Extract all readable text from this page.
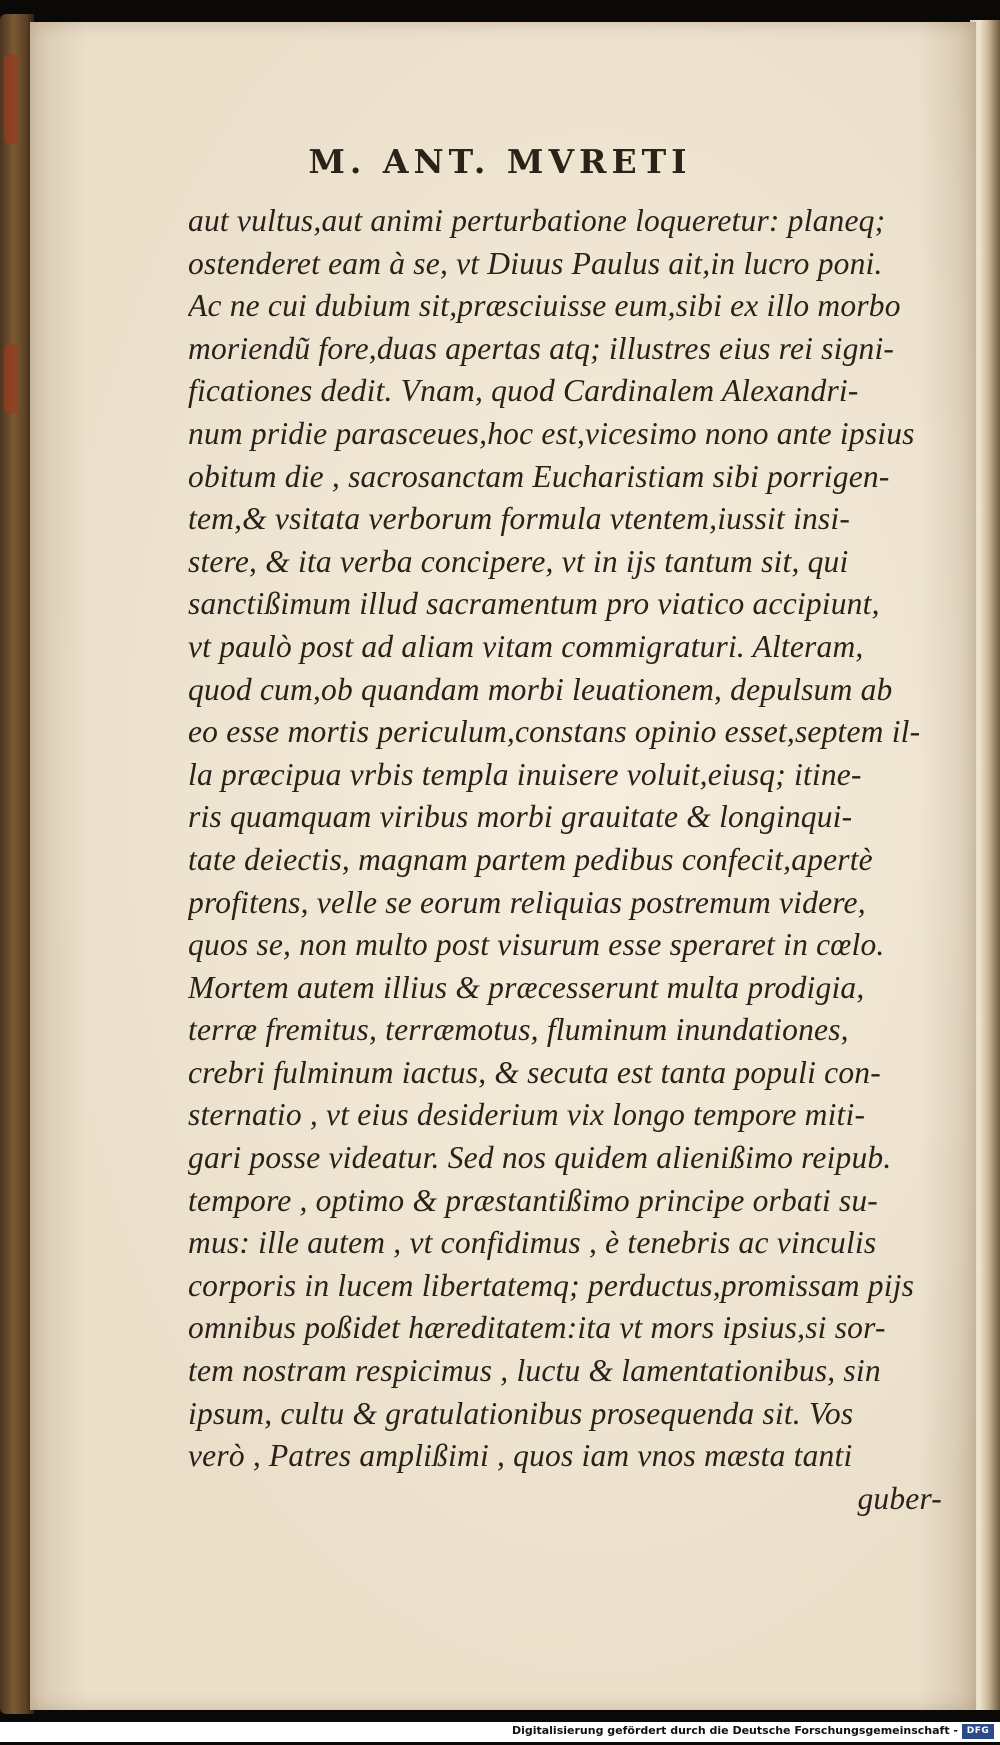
M. ANT. MVRETI
aut vultus,aut animi perturbatione loqueretur: planeq;
ostenderet eam à se, vt Diuus Paulus ait,in lucro poni.
Ac ne cui dubium sit,præsciuisse eum,sibi ex illo morbo
moriendũ fore,duas apertas atq; illustres eius rei signi-
ficationes dedit. Vnam, quod Cardinalem Alexandri-
num pridie parasceues,hoc est,vicesimo nono ante ipsius
obitum die , sacrosanctam Eucharistiam sibi porrigen-
tem,& vsitata verborum formula vtentem,iussit insi-
stere, & ita verba concipere, vt in ijs tantum sit, qui
sanctißimum illud sacramentum pro viatico accipiunt,
vt paulò post ad aliam vitam commigraturi. Alteram,
quod cum,ob quandam morbi leuationem, depulsum ab
eo esse mortis periculum,constans opinio esset,septem il-
la præcipua vrbis templa inuisere voluit,eiusq; itine-
ris quamquam viribus morbi grauitate & longinqui-
tate deiectis, magnam partem pedibus confecit,apertè
profitens, velle se eorum reliquias postremum videre,
quos se, non multo post visurum esse speraret in cœlo.
Mortem autem illius & præcesserunt multa prodigia,
terræ fremitus, terræmotus, fluminum inundationes,
crebri fulminum iactus, & secuta est tanta populi con-
sternatio , vt eius desiderium vix longo tempore miti-
gari posse videatur. Sed nos quidem alienißimo reipub.
tempore , optimo & præstantißimo principe orbati su-
mus: ille autem , vt confidimus , è tenebris ac vinculis
corporis in lucem libertatemq; perductus,promissam pijs
omnibus poßidet hæreditatem:ita vt mors ipsius,si sor-
tem nostram respicimus , luctu & lamentationibus, sin
ipsum, cultu & gratulationibus prosequenda sit. Vos
verò , Patres amplißimi , quos iam vnos mæsta tanti
guber-
Digitalisierung gefördert durch die Deutsche Forschungsgemeinschaft - DFG
